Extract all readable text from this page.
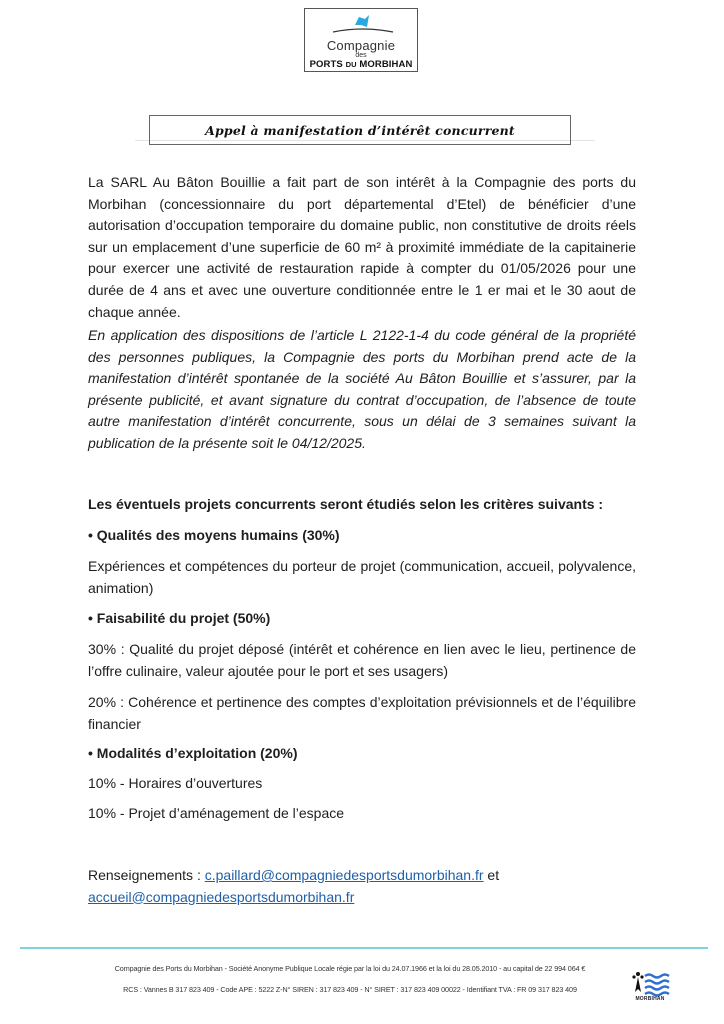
Compagnie
des
PORTS DU MORBIHAN
Appel à manifestation d’intérêt concurrent

La SARL Au Bâton Bouillie a fait part de son intérêt à la Compagnie des ports du Morbihan (concessionnaire du port départemental d’Etel) de bénéficier d’une autorisation d’occupation temporaire du domaine public, non constitutive de droits réels sur un emplacement d’une superficie de 60 m² à proximité immédiate de la capitainerie pour exercer une activité de restauration rapide à compter du 01/05/2026 pour une durée de 4 ans et avec une ouverture conditionnée entre le 1 er mai et le 30 aout de chaque année.

En application des dispositions de l’article L 2122-1-4 du code général de la propriété des personnes publiques, la Compagnie des ports du Morbihan prend acte de la manifestation d’intérêt spontanée de la société Au Bâton Bouillie et s’assurer, par la présente publicité, et avant signature du contrat d’occupation, de l’absence de toute autre manifestation d’intérêt concurrente, sous un délai de 3 semaines suivant la publication de la présente soit le 04/12/2025.

Les éventuels projets concurrents seront étudiés selon les critères suivants :

• Qualités des moyens humains (30%)

Expériences et compétences du porteur de projet (communication, accueil, polyvalence, animation)

• Faisabilité du projet (50%)

30% : Qualité du projet déposé (intérêt et cohérence en lien avec le lieu, pertinence de l’offre culinaire, valeur ajoutée pour le port et ses usagers)

20% : Cohérence et pertinence des comptes d’exploitation prévisionnels et de l’équilibre financier

• Modalités d’exploitation (20%)

10% - Horaires d’ouvertures

10% - Projet d’aménagement de l’espace

Renseignements : c.paillard@compagniedesportsdumorbihan.fr et
accueil@compagniedesportsdumorbihan.fr

Compagnie des Ports du Morbihan - Société Anonyme Publique Locale régie par la loi du 24.07.1966 et la loi du 28.05.2010 - au capital de 22 994 064 €
RCS : Vannes B 317 823 409 - Code APE : 5222 Z-N° SIREN : 317 823 409 - N° SIRET : 317 823 409 00022 - Identifiant TVA : FR 09 317 823 409
MORBIHAN
